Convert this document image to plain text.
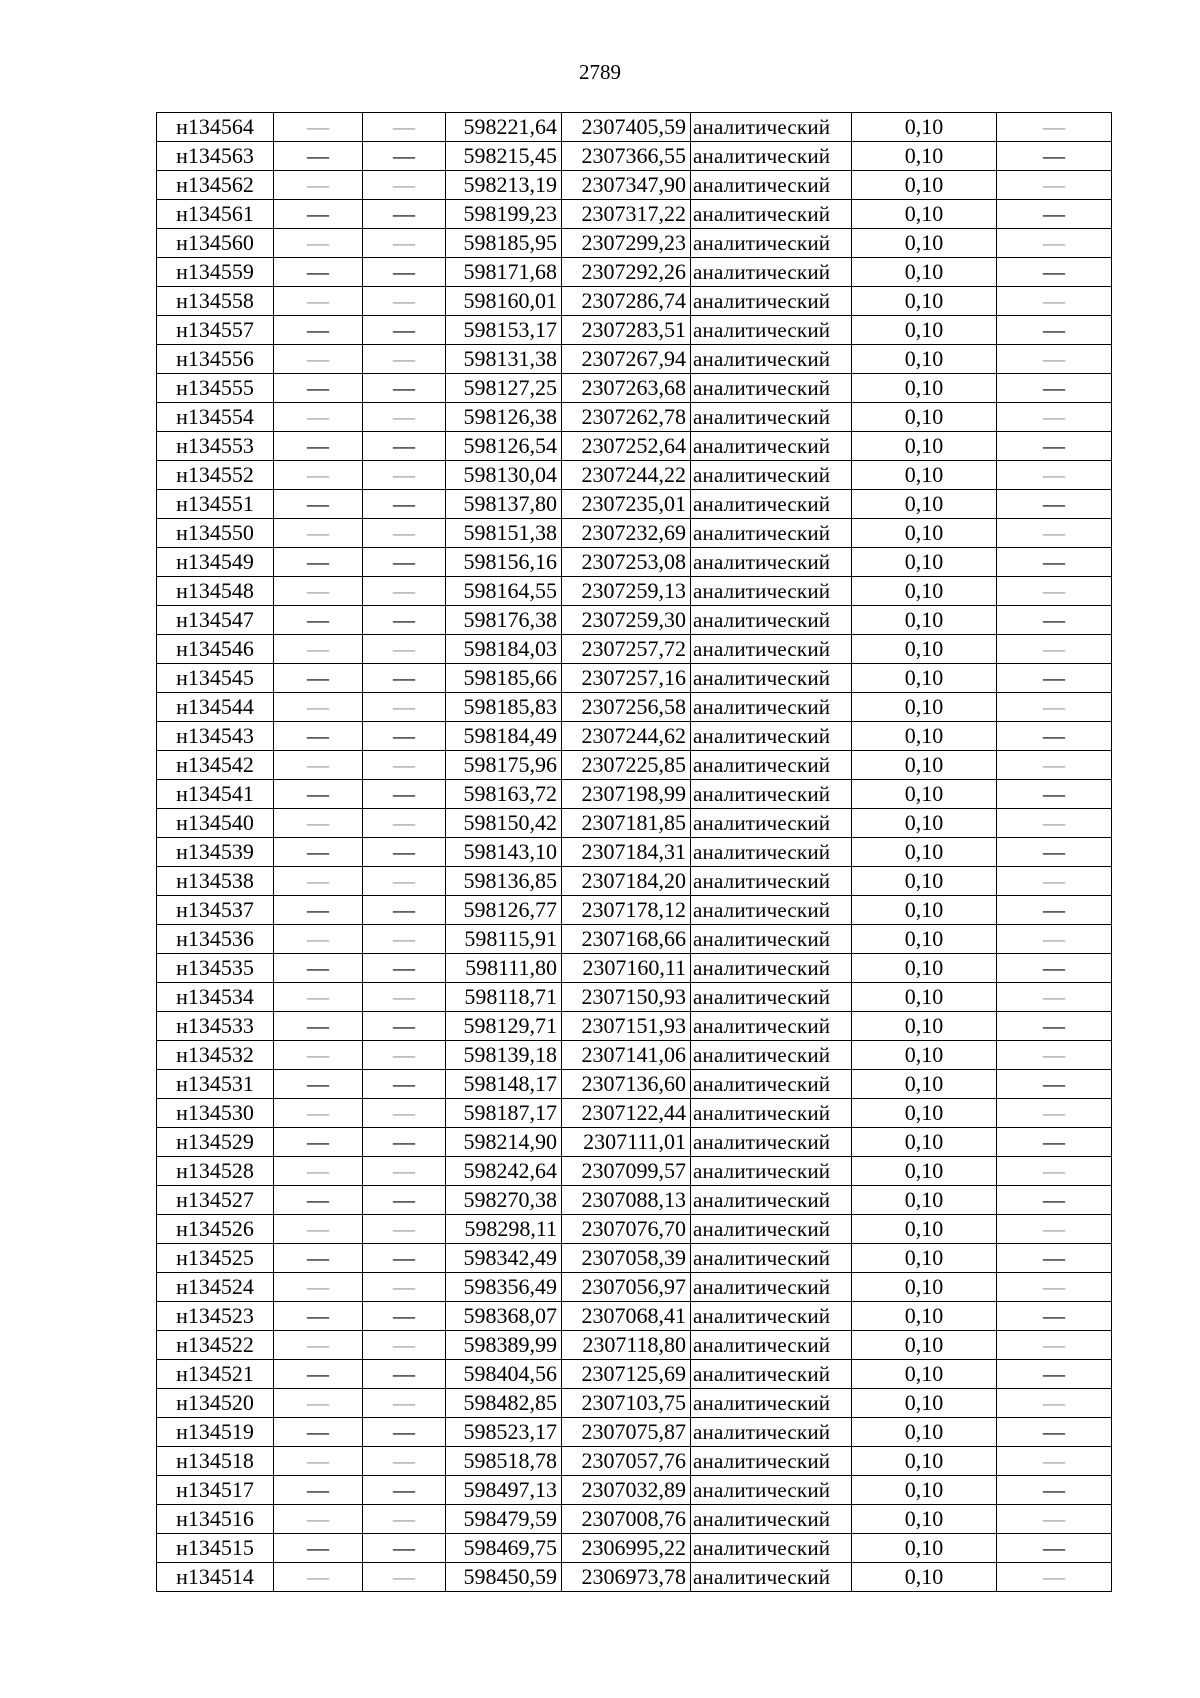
2789
н134564	—	—	598221,64	2307405,59	аналитический	0,10	—
н134563	—	—	598215,45	2307366,55	аналитический	0,10	—
н134562	—	—	598213,19	2307347,90	аналитический	0,10	—
н134561	—	—	598199,23	2307317,22	аналитический	0,10	—
н134560	—	—	598185,95	2307299,23	аналитический	0,10	—
н134559	—	—	598171,68	2307292,26	аналитический	0,10	—
н134558	—	—	598160,01	2307286,74	аналитический	0,10	—
н134557	—	—	598153,17	2307283,51	аналитический	0,10	—
н134556	—	—	598131,38	2307267,94	аналитический	0,10	—
н134555	—	—	598127,25	2307263,68	аналитический	0,10	—
н134554	—	—	598126,38	2307262,78	аналитический	0,10	—
н134553	—	—	598126,54	2307252,64	аналитический	0,10	—
н134552	—	—	598130,04	2307244,22	аналитический	0,10	—
н134551	—	—	598137,80	2307235,01	аналитический	0,10	—
н134550	—	—	598151,38	2307232,69	аналитический	0,10	—
н134549	—	—	598156,16	2307253,08	аналитический	0,10	—
н134548	—	—	598164,55	2307259,13	аналитический	0,10	—
н134547	—	—	598176,38	2307259,30	аналитический	0,10	—
н134546	—	—	598184,03	2307257,72	аналитический	0,10	—
н134545	—	—	598185,66	2307257,16	аналитический	0,10	—
н134544	—	—	598185,83	2307256,58	аналитический	0,10	—
н134543	—	—	598184,49	2307244,62	аналитический	0,10	—
н134542	—	—	598175,96	2307225,85	аналитический	0,10	—
н134541	—	—	598163,72	2307198,99	аналитический	0,10	—
н134540	—	—	598150,42	2307181,85	аналитический	0,10	—
н134539	—	—	598143,10	2307184,31	аналитический	0,10	—
н134538	—	—	598136,85	2307184,20	аналитический	0,10	—
н134537	—	—	598126,77	2307178,12	аналитический	0,10	—
н134536	—	—	598115,91	2307168,66	аналитический	0,10	—
н134535	—	—	598111,80	2307160,11	аналитический	0,10	—
н134534	—	—	598118,71	2307150,93	аналитический	0,10	—
н134533	—	—	598129,71	2307151,93	аналитический	0,10	—
н134532	—	—	598139,18	2307141,06	аналитический	0,10	—
н134531	—	—	598148,17	2307136,60	аналитический	0,10	—
н134530	—	—	598187,17	2307122,44	аналитический	0,10	—
н134529	—	—	598214,90	2307111,01	аналитический	0,10	—
н134528	—	—	598242,64	2307099,57	аналитический	0,10	—
н134527	—	—	598270,38	2307088,13	аналитический	0,10	—
н134526	—	—	598298,11	2307076,70	аналитический	0,10	—
н134525	—	—	598342,49	2307058,39	аналитический	0,10	—
н134524	—	—	598356,49	2307056,97	аналитический	0,10	—
н134523	—	—	598368,07	2307068,41	аналитический	0,10	—
н134522	—	—	598389,99	2307118,80	аналитический	0,10	—
н134521	—	—	598404,56	2307125,69	аналитический	0,10	—
н134520	—	—	598482,85	2307103,75	аналитический	0,10	—
н134519	—	—	598523,17	2307075,87	аналитический	0,10	—
н134518	—	—	598518,78	2307057,76	аналитический	0,10	—
н134517	—	—	598497,13	2307032,89	аналитический	0,10	—
н134516	—	—	598479,59	2307008,76	аналитический	0,10	—
н134515	—	—	598469,75	2306995,22	аналитический	0,10	—
н134514	—	—	598450,59	2306973,78	аналитический	0,10	—
